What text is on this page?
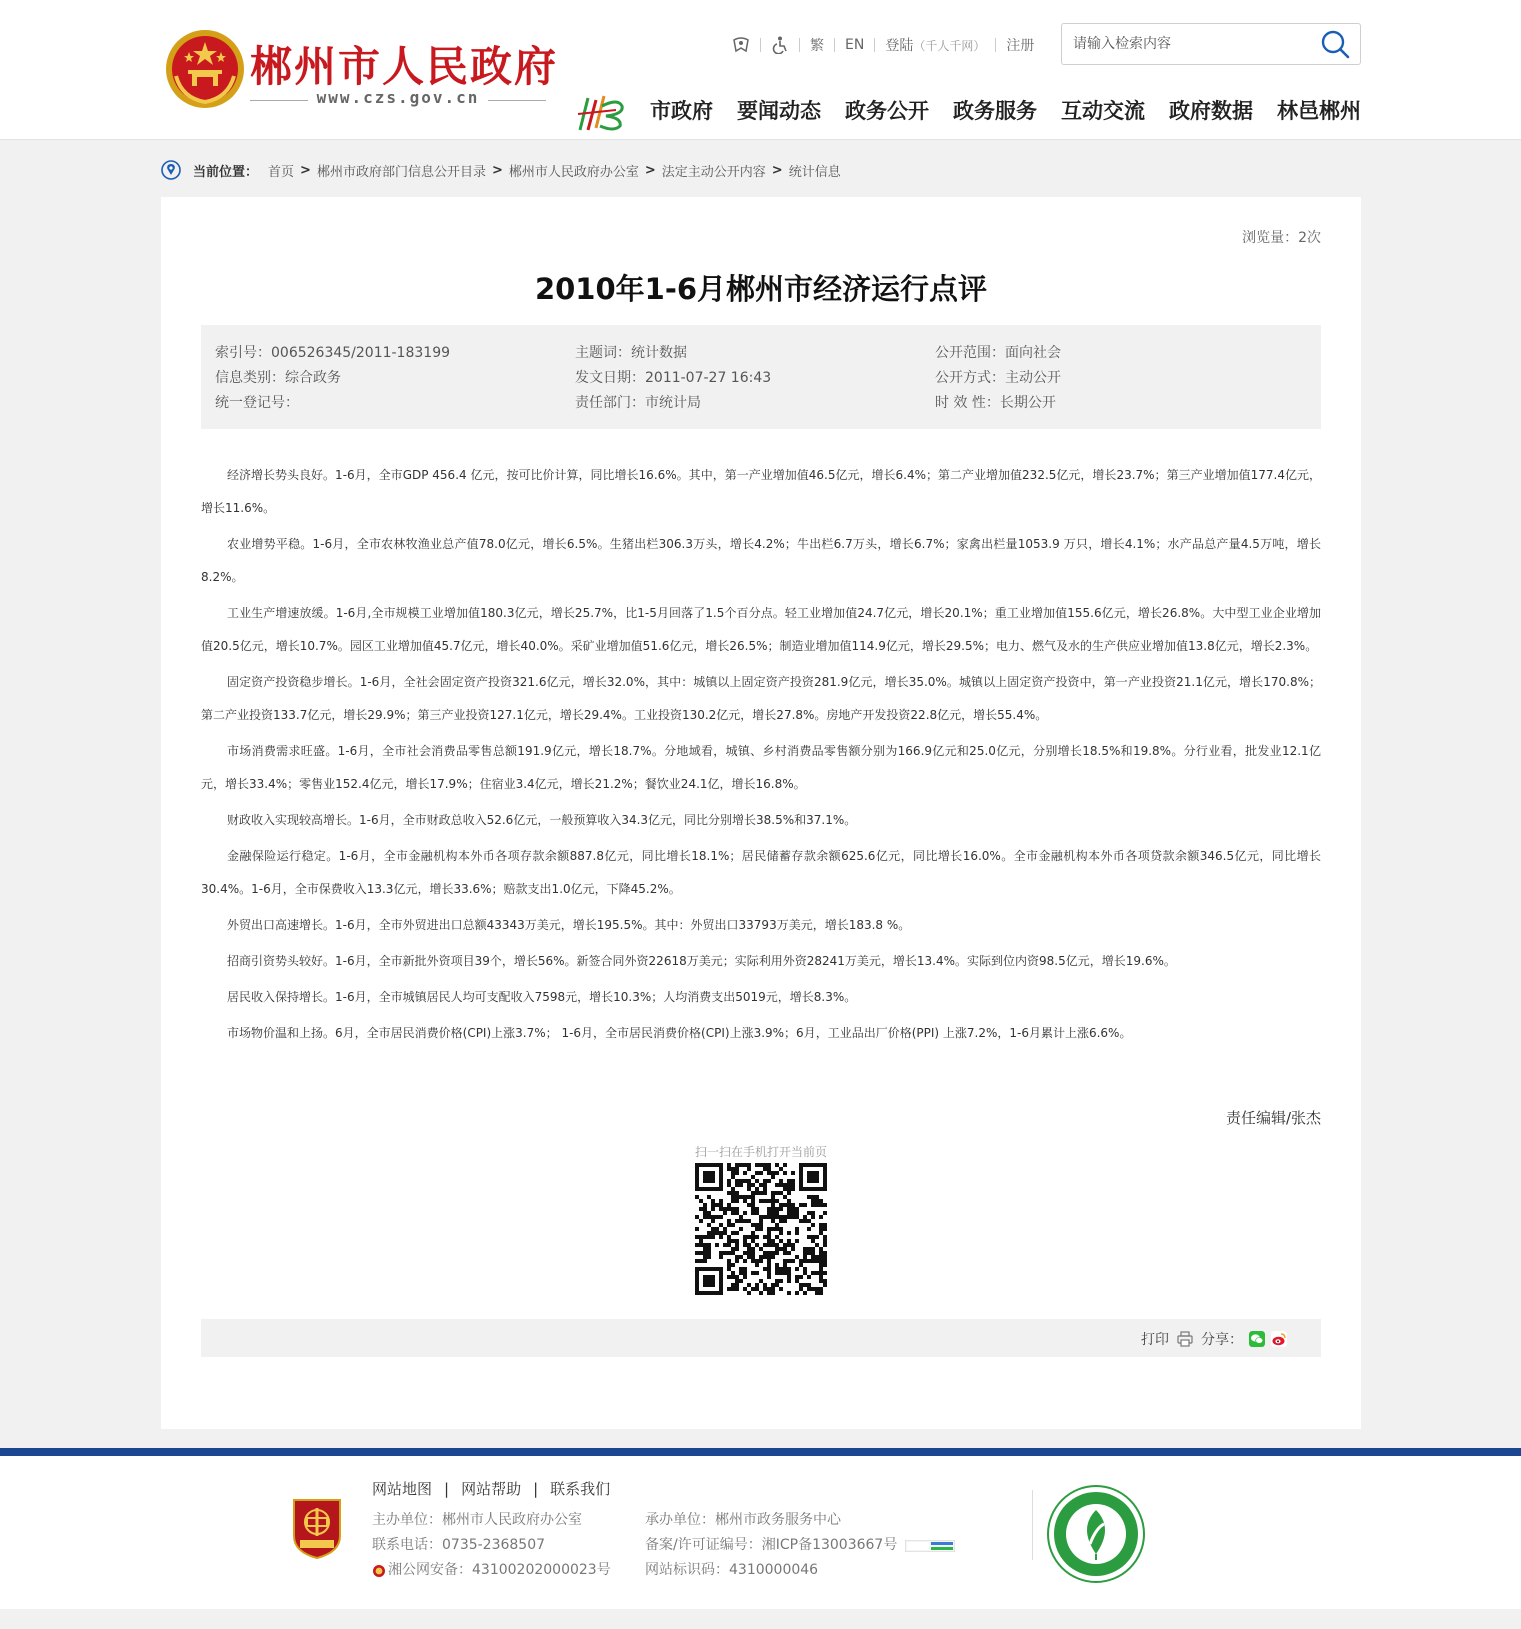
郴州市人民政府
www.czs.gov.cn
繁	EN	登陆 （千人千网）	注册
请输入检索内容
市政府 要闻动态 政务公开 政务服务 互动交流 政府数据 林邑郴州
当前位置： 首页 > 郴州市政府部门信息公开目录 > 郴州市人民政府办公室 > 法定主动公开内容 > 统计信息
浏览量：2次
2010年1-6月郴州市经济运行点评
索引号：006526345/2011-183199	主题词：统计数据	公开范围：面向社会
信息类别：综合政务	发文日期：2011-07-27 16:43	公开方式：主动公开
统一登记号：	责任部门：市统计局	时 效 性：长期公开

经济增长势头良好。1-6月，全市GDP 456.4 亿元，按可比价计算，同比增长16.6%。其中，第一产业增加值46.5亿元，增长6.4%；第二产业增加值232.5亿元，增长23.7%；第三产业增加值177.4亿元，增长11.6%。

农业增势平稳。1-6月，全市农林牧渔业总产值78.0亿元，增长6.5%。生猪出栏306.3万头，增长4.2%；牛出栏6.7万头，增长6.7%；家禽出栏量1053.9 万只，增长4.1%；水产品总产量4.5万吨，增长8.2%。

工业生产增速放缓。1-6月,全市规模工业增加值180.3亿元，增长25.7%，比1-5月回落了1.5个百分点。轻工业增加值24.7亿元，增长20.1%；重工业增加值155.6亿元，增长26.8%。大中型工业企业增加值20.5亿元，增长10.7%。园区工业增加值45.7亿元，增长40.0%。采矿业增加值51.6亿元，增长26.5%；制造业增加值114.9亿元，增长29.5%；电力、燃气及水的生产供应业增加值13.8亿元，增长2.3%。

固定资产投资稳步增长。1-6月，全社会固定资产投资321.6亿元，增长32.0%，其中：城镇以上固定资产投资281.9亿元，增长35.0%。城镇以上固定资产投资中，第一产业投资21.1亿元，增长170.8%；第二产业投资133.7亿元，增长29.9%；第三产业投资127.1亿元，增长29.4%。工业投资130.2亿元，增长27.8%。房地产开发投资22.8亿元，增长55.4%。

市场消费需求旺盛。1-6月，全市社会消费品零售总额191.9亿元，增长18.7%。分地域看，城镇、乡村消费品零售额分别为166.9亿元和25.0亿元，分别增长18.5%和19.8%。分行业看，批发业12.1亿元，增长33.4%；零售业152.4亿元，增长17.9%；住宿业3.4亿元，增长21.2%；餐饮业24.1亿，增长16.8%。

财政收入实现较高增长。1-6月，全市财政总收入52.6亿元，一般预算收入34.3亿元，同比分别增长38.5%和37.1%。

金融保险运行稳定。1-6月，全市金融机构本外币各项存款余额887.8亿元，同比增长18.1%；居民储蓄存款余额625.6亿元，同比增长16.0%。全市金融机构本外币各项贷款余额346.5亿元，同比增长30.4%。1-6月，全市保费收入13.3亿元，增长33.6%；赔款支出1.0亿元，下降45.2%。

外贸出口高速增长。1-6月，全市外贸进出口总额43343万美元，增长195.5%。其中：外贸出口33793万美元，增长183.8 %。

招商引资势头较好。1-6月，全市新批外资项目39个，增长56%。新签合同外资22618万美元；实际利用外资28241万美元，增长13.4%。实际到位内资98.5亿元，增长19.6%。

居民收入保持增长。1-6月，全市城镇居民人均可支配收入7598元，增长10.3%；人均消费支出5019元，增长8.3%。

市场物价温和上扬。6月，全市居民消费价格(CPI)上涨3.7%； 1-6月，全市居民消费价格(CPI)上涨3.9%；6月，工业品出厂价格(PPI) 上涨7.2%，1-6月累计上涨6.6%。

责任编辑/张杰
扫一扫在手机打开当前页
打印 分享：
网站地图 | 网站帮助 | 联系我们
主办单位：郴州市人民政府办公室
联系电话：0735-2368507
湘公网安备：43100202000023号
承办单位：郴州市政务服务中心
备案/许可证编号：湘ICP备13003667号
网站标识码：4310000046
